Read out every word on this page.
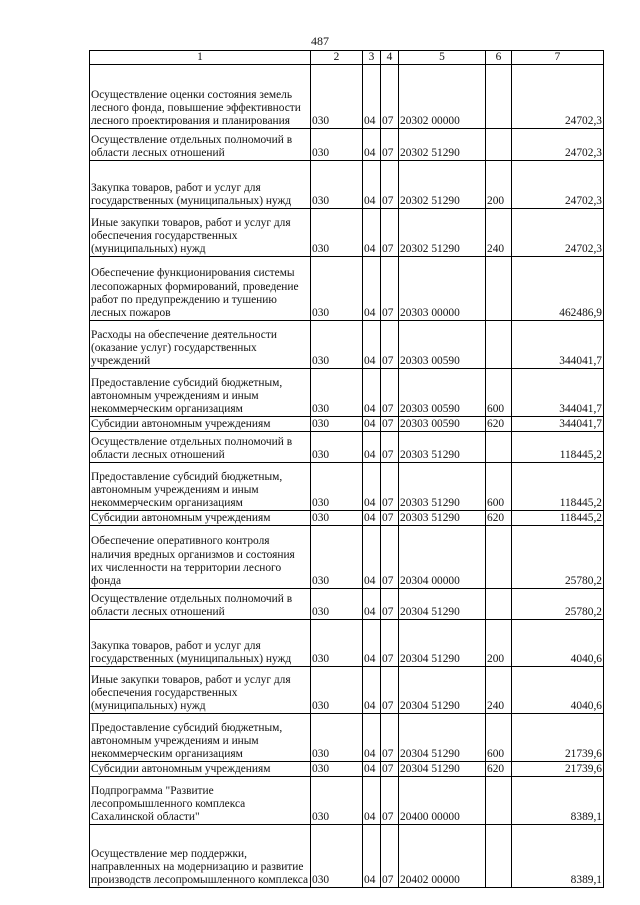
487
1	2	3	4	5	6	7
Осуществление оценки состояния земель лесного фонда, повышение эффективности лесного проектирования и планирования	030	04	07	20302 00000		24702,3
Осуществление отдельных полномочий в области лесных отношений	030	04	07	20302 51290		24702,3
Закупка товаров, работ и услуг для государственных (муниципальных) нужд	030	04	07	20302 51290	200	24702,3
Иные закупки товаров, работ и услуг для обеспечения государственных (муниципальных) нужд	030	04	07	20302 51290	240	24702,3
Обеспечение функционирования системы лесопожарных формирований, проведение работ по предупреждению и тушению лесных пожаров	030	04	07	20303 00000		462486,9
Расходы на обеспечение деятельности (оказание услуг) государственных учреждений	030	04	07	20303 00590		344041,7
Предоставление субсидий бюджетным, автономным учреждениям и иным некоммерческим организациям	030	04	07	20303 00590	600	344041,7
Субсидии автономным учреждениям	030	04	07	20303 00590	620	344041,7
Осуществление отдельных полномочий в области лесных отношений	030	04	07	20303 51290		118445,2
Предоставление субсидий бюджетным, автономным учреждениям и иным некоммерческим организациям	030	04	07	20303 51290	600	118445,2
Субсидии автономным учреждениям	030	04	07	20303 51290	620	118445,2
Обеспечение оперативного контроля наличия вредных организмов и состояния их численности на территории лесного фонда	030	04	07	20304 00000		25780,2
Осуществление отдельных полномочий в области лесных отношений	030	04	07	20304 51290		25780,2
Закупка товаров, работ и услуг для государственных (муниципальных) нужд	030	04	07	20304 51290	200	4040,6
Иные закупки товаров, работ и услуг для обеспечения государственных (муниципальных) нужд	030	04	07	20304 51290	240	4040,6
Предоставление субсидий бюджетным, автономным учреждениям и иным некоммерческим организациям	030	04	07	20304 51290	600	21739,6
Субсидии автономным учреждениям	030	04	07	20304 51290	620	21739,6
Подпрограмма "Развитие лесопромышленного комплекса Сахалинской области"	030	04	07	20400 00000		8389,1
Осуществление мер поддержки, направленных на модернизацию и развитие производств лесопромышленного комплекса	030	04	07	20402 00000		8389,1
